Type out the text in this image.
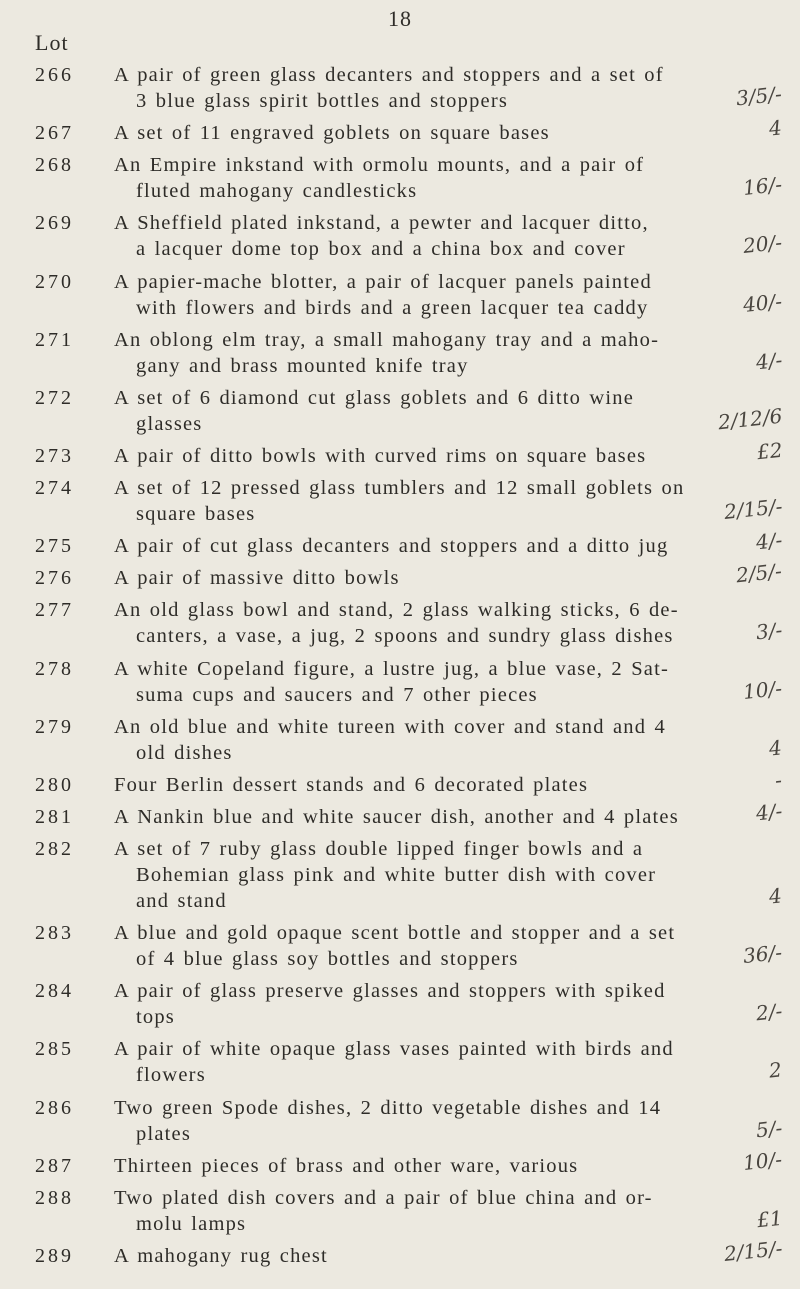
18
Lot
266	A pair of green glass decanters and stoppers and a set of
3 blue glass spirit bottles and stoppers	3/5/-
267	A set of 11 engraved goblets on square bases	4
268	An Empire inkstand with ormolu mounts, and a pair of
fluted mahogany candlesticks	16/-
269	A Sheffield plated inkstand, a pewter and lacquer ditto,
a lacquer dome top box and a china box and cover	20/-
270	A papier-mache blotter, a pair of lacquer panels painted
with flowers and birds and a green lacquer tea caddy	40/-
271	An oblong elm tray, a small mahogany tray and a maho-
gany and brass mounted knife tray	4/-
272	A set of 6 diamond cut glass goblets and 6 ditto wine
glasses	2/12/6
273	A pair of ditto bowls with curved rims on square bases	£2
274	A set of 12 pressed glass tumblers and 12 small goblets on
square bases	2/15/-
275	A pair of cut glass decanters and stoppers and a ditto jug	4/-
276	A pair of massive ditto bowls	2/5/-
277	An old glass bowl and stand, 2 glass walking sticks, 6 de-
canters, a vase, a jug, 2 spoons and sundry glass dishes	3/-
278	A white Copeland figure, a lustre jug, a blue vase, 2 Sat-
suma cups and saucers and 7 other pieces	10/-
279	An old blue and white tureen with cover and stand and 4
old dishes	4
280	Four Berlin dessert stands and 6 decorated plates	-
281	A Nankin blue and white saucer dish, another and 4 plates	4/-
282	A set of 7 ruby glass double lipped finger bowls and a
Bohemian glass pink and white butter dish with cover
and stand	4
283	A blue and gold opaque scent bottle and stopper and a set
of 4 blue glass soy bottles and stoppers	36/-
284	A pair of glass preserve glasses and stoppers with spiked
tops	2/-
285	A pair of white opaque glass vases painted with birds and
flowers	2
286	Two green Spode dishes, 2 ditto vegetable dishes and 14
plates	5/-
287	Thirteen pieces of brass and other ware, various	10/-
288	Two plated dish covers and a pair of blue china and or-
molu lamps	£1
289	A mahogany rug chest	2/15/-
